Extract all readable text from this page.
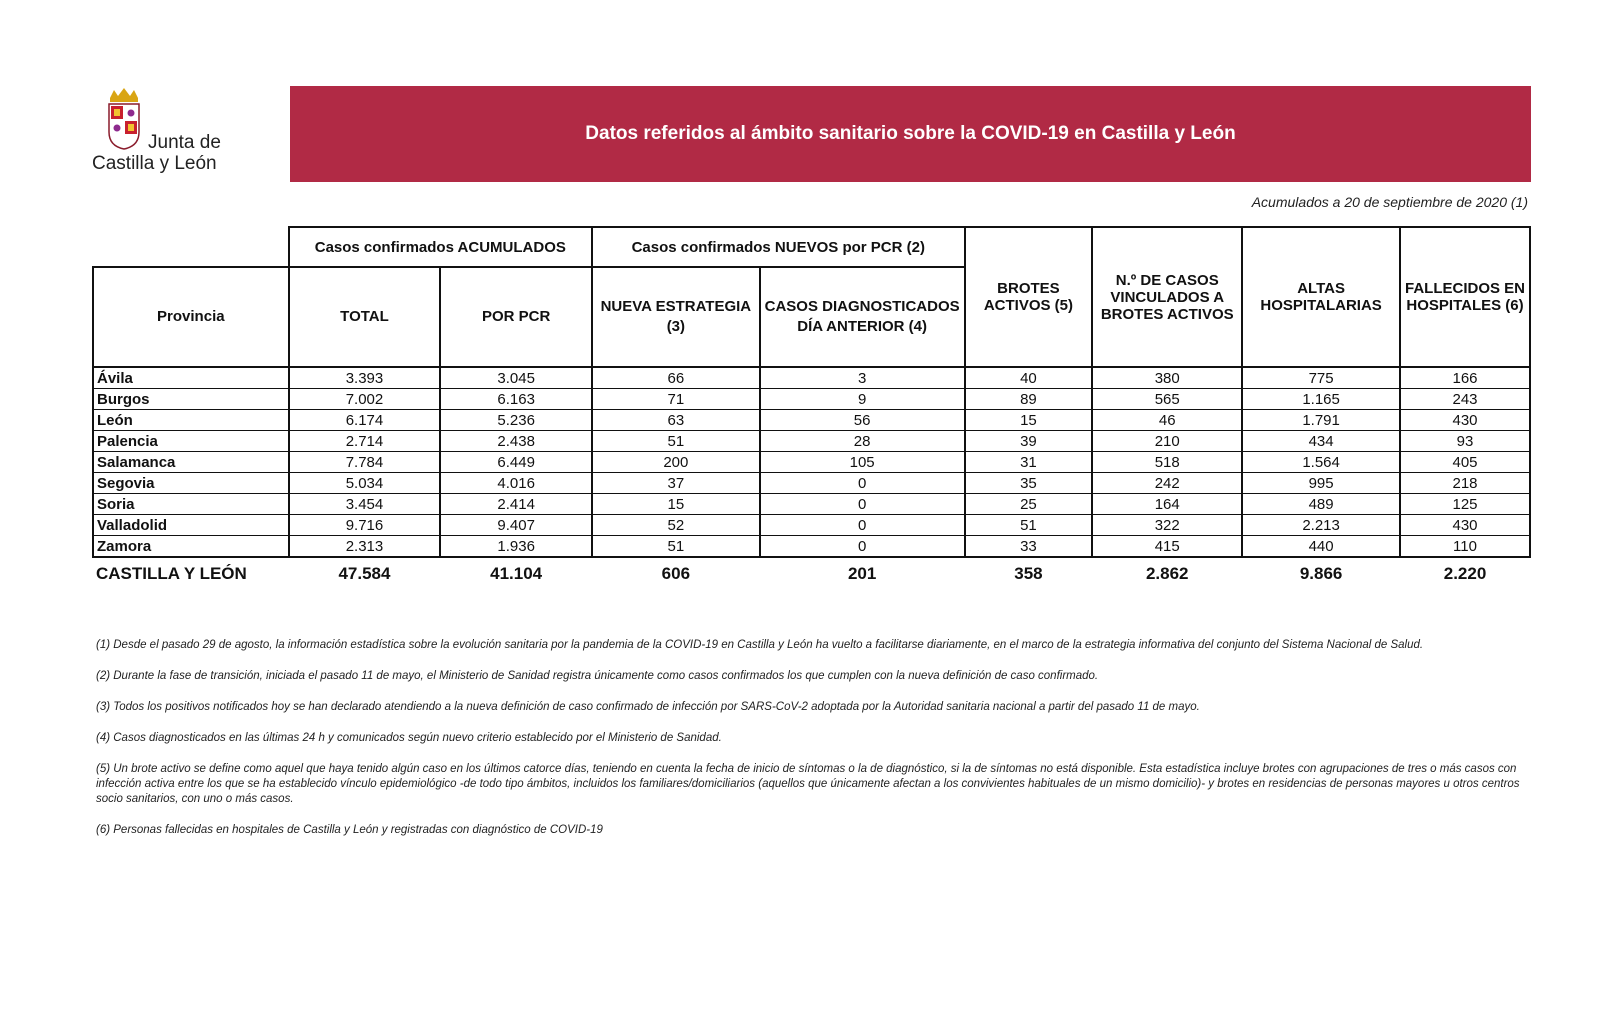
Junta de
Castilla y León
Datos referidos al ámbito sanitario sobre la COVID-19 en Castilla y León
Acumulados a 20 de septiembre de 2020 (1)
	Casos confirmados ACUMULADOS		Casos confirmados NUEVOS por PCR (2)		BROTES ACTIVOS (5)	N.º DE CASOS VINCULADOS A BROTES ACTIVOS	ALTAS HOSPITALARIAS	FALLECIDOS EN HOSPITALES (6)
Provincia	TOTAL	POR PCR	NUEVA ESTRATEGIA (3)	CASOS DIAGNOSTICADOS DÍA ANTERIOR (4)				
Ávila	3.393	3.045	66	3	40	380	775	166
Burgos	7.002	6.163	71	9	89	565	1.165	243
León	6.174	5.236	63	56	15	46	1.791	430
Palencia	2.714	2.438	51	28	39	210	434	93
Salamanca	7.784	6.449	200	105	31	518	1.564	405
Segovia	5.034	4.016	37	0	35	242	995	218
Soria	3.454	2.414	15	0	25	164	489	125
Valladolid	9.716	9.407	52	0	51	322	2.213	430
Zamora	2.313	1.936	51	0	33	415	440	110
CASTILLA Y LEÓN	47.584	41.104	606	201	358	2.862	9.866	2.220

(1) Desde el pasado 29 de agosto, la información estadística sobre la evolución sanitaria por la pandemia de la COVID-19 en Castilla y León ha vuelto a facilitarse diariamente, en el marco de la estrategia informativa del conjunto del Sistema Nacional de Salud.

(2) Durante la fase de transición, iniciada el pasado 11 de mayo, el Ministerio de Sanidad registra únicamente como casos confirmados los que cumplen con la nueva definición de caso confirmado.

(3) Todos los positivos notificados hoy se han declarado atendiendo a la nueva definición de caso confirmado de infección por SARS-CoV-2 adoptada por la Autoridad sanitaria nacional a partir del pasado 11 de mayo.

(4) Casos diagnosticados en las últimas 24 h y comunicados según nuevo criterio establecido por el Ministerio de Sanidad.

(5) Un brote activo se define como aquel que haya tenido algún caso en los últimos catorce días, teniendo en cuenta la fecha de inicio de síntomas o la de diagnóstico, si la de síntomas no está disponible. Esta estadística incluye brotes con agrupaciones de tres o más casos con infección activa entre los que se ha establecido vínculo epidemiológico -de todo tipo ámbitos, incluidos los familiares/domiciliarios (aquellos que únicamente afectan a los convivientes habituales de un mismo domicilio)- y brotes en residencias de personas mayores u otros centros socio sanitarios, con uno o más casos.

(6) Personas fallecidas en hospitales de Castilla y León y registradas con diagnóstico de COVID-19
